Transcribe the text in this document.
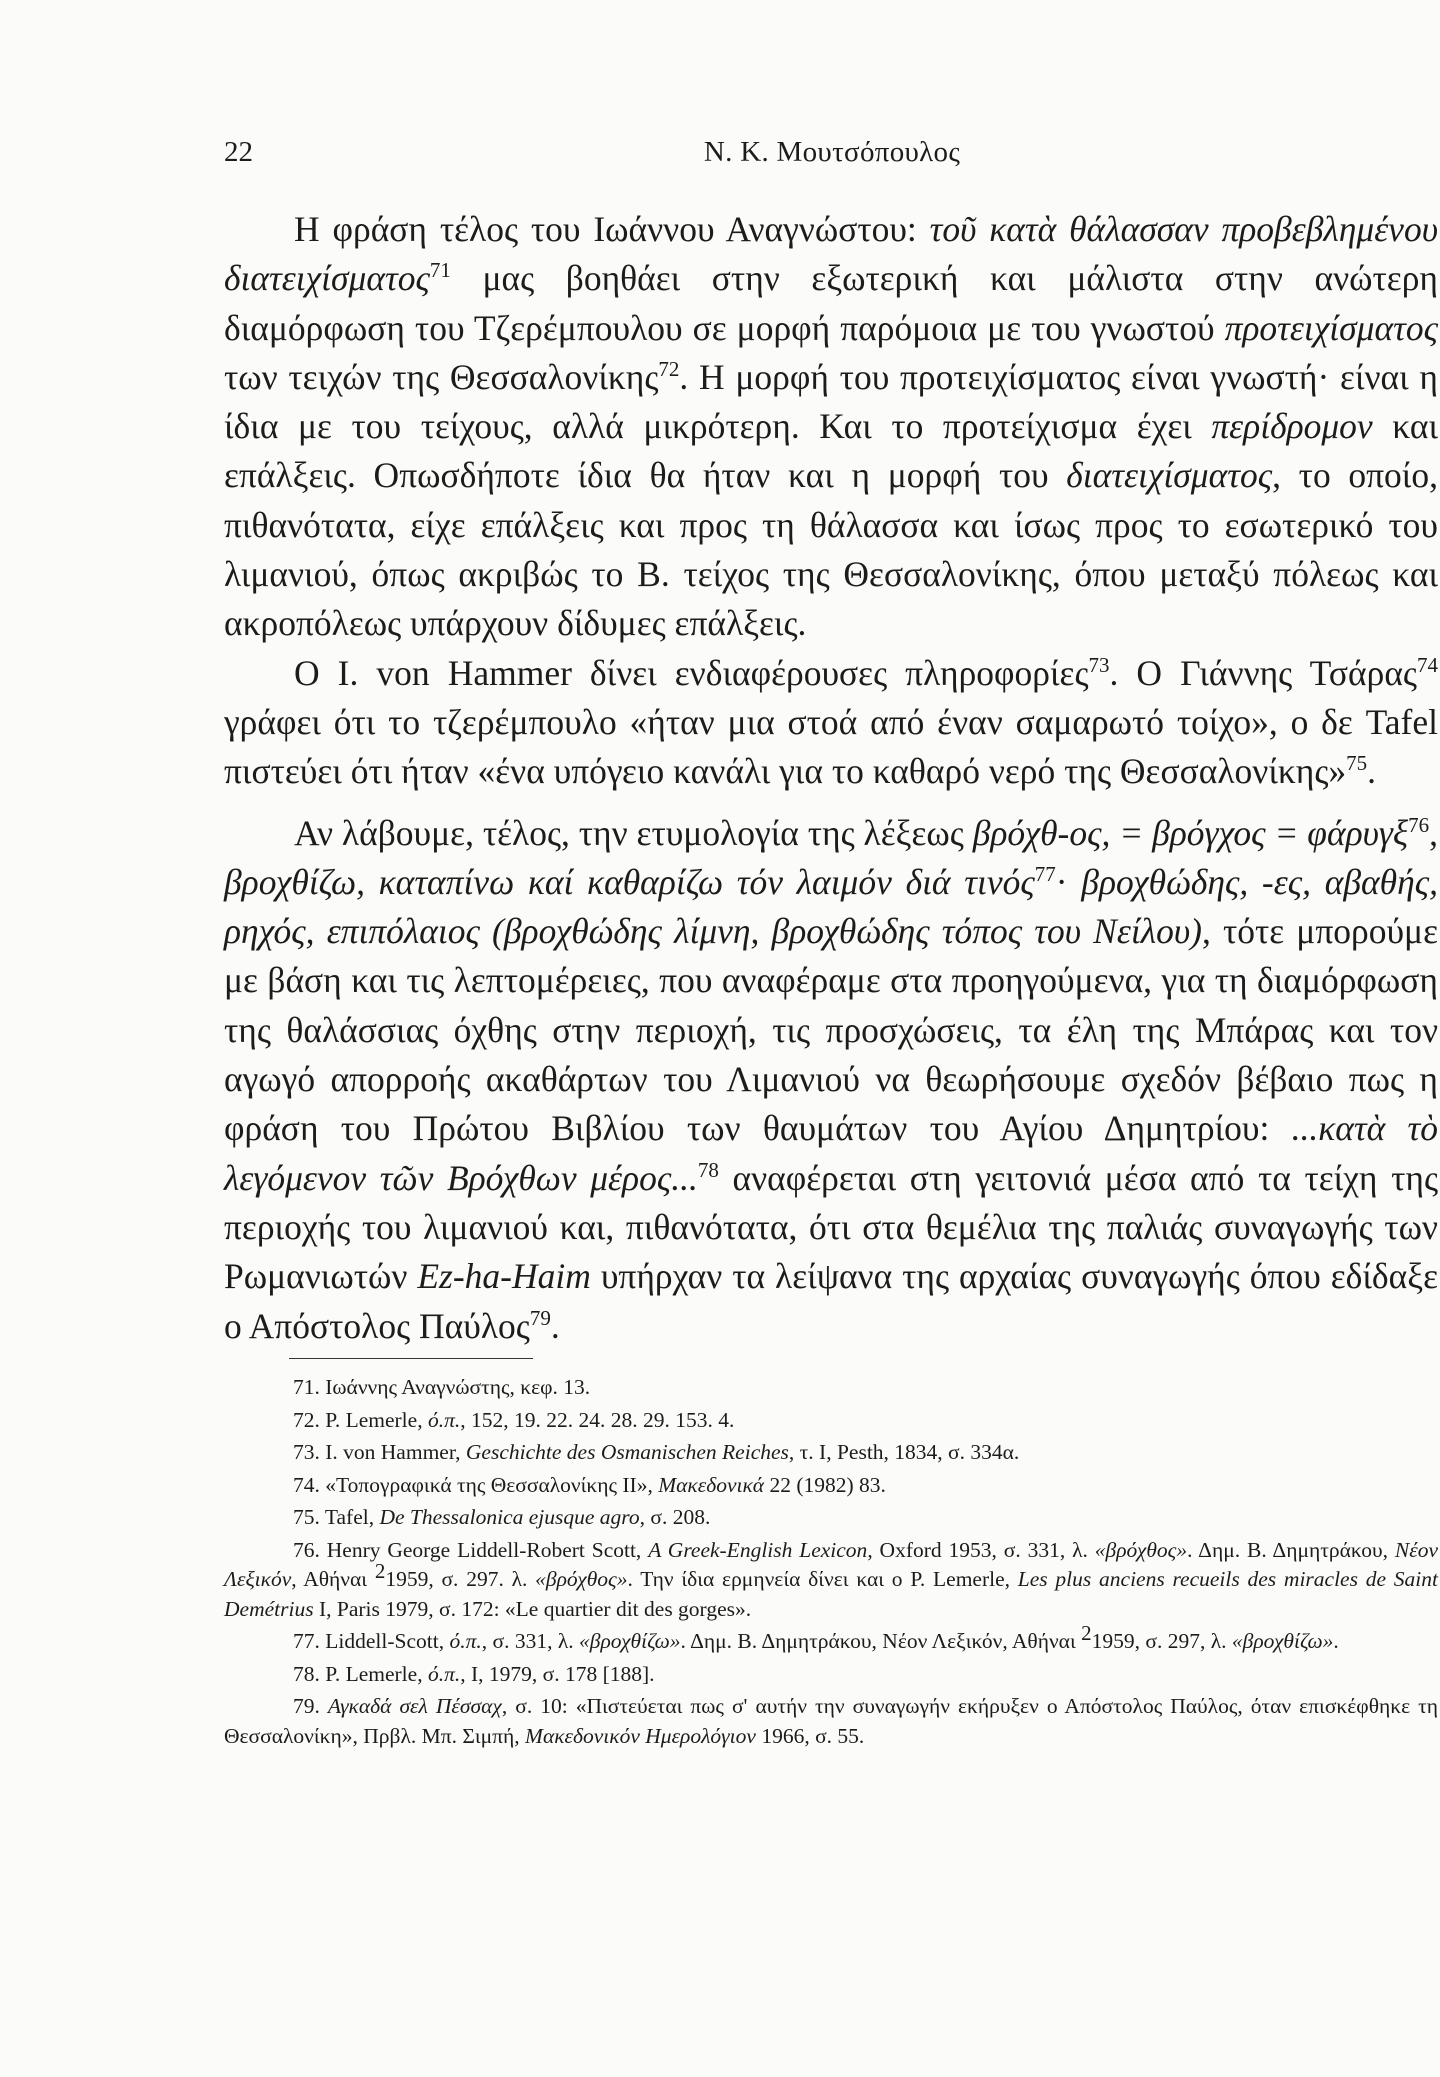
22	Ν. Κ. Μουτσόπουλος

Η φράση τέλος του Ιωάννου Αναγνώστου: τοῦ κατὰ θάλασσαν προβεβλημένου διατειχίσματος$^{71}$ μας βοηθάει στην εξωτερική και μάλιστα στην ανώτερη διαμόρφωση του Τζερέμπουλου σε μορφή παρόμοια με του γνωστού προτειχίσματος των τειχών της Θεσσαλονίκης$^{72}$. Η μορφή του προτειχίσματος είναι γνωστή· είναι η ίδια με του τείχους, αλλά μικρότερη. Και το προτείχισμα έχει περίδρομον και επάλξεις. Οπωσδήποτε ίδια θα ήταν και η μορφή του διατειχίσματος, το οποίο, πιθανότατα, είχε επάλξεις και προς τη θάλασσα και ίσως προς το εσωτερικό του λιμανιού, όπως ακριβώς το Β. τείχος της Θεσσαλονίκης, όπου μεταξύ πόλεως και ακροπόλεως υπάρχουν δίδυμες επάλξεις.

Ο Ι. von Hammer δίνει ενδιαφέρουσες πληροφορίες$^{73}$. Ο Γιάννης Τσάρας$^{74}$ γράφει ότι το τζερέμπουλο «ήταν μια στοά από έναν σαμαρωτό τοίχο», ο δε Tafel πιστεύει ότι ήταν «ένα υπόγειο κανάλι για το καθαρό νερό της Θεσσαλονίκης»$^{75}$.

Αν λάβουμε, τέλος, την ετυμολογία της λέξεως βρόχθ-ος, = βρόγχος = φάρυγξ$^{76}$, βροχθίζω, καταπίνω καί καθαρίζω τόν λαιμόν διά τινός$^{77}$· βροχθώδης, -ες, αβαθής, ρηχός, επιπόλαιος (βροχθώδης λίμνη, βροχθώδης τόπος του Νείλου), τότε μπορούμε με βάση και τις λεπτομέρειες, που αναφέραμε στα προηγούμενα, για τη διαμόρφωση της θαλάσσιας όχθης στην περιοχή, τις προσχώσεις, τα έλη της Μπάρας και τον αγωγό απορροής ακαθάρτων του Λιμανιού να θεωρήσουμε σχεδόν βέβαιο πως η φράση του Πρώτου Βιβλίου των θαυμάτων του Αγίου Δημητρίου: ...κατὰ τὸ λεγόμενον τῶν Βρόχθων μέρος...$^{78}$ αναφέρεται στη γειτονιά μέσα από τα τείχη της περιοχής του λιμανιού και, πιθανότατα, ότι στα θεμέλια της παλιάς συναγωγής των Ρωμανιωτών Ez-ha-Haim υπήρχαν τα λείψανα της αρχαίας συναγωγής όπου εδίδαξε ο Απόστολος Παύλος$^{79}$.

71. Ιωάννης Αναγνώστης, κεφ. 13.

72. P. Lemerle, ό.π., 152, 19. 22. 24. 28. 29. 153. 4.

73. I. von Hammer, Geschichte des Osmanischen Reiches, τ. I, Pesth, 1834, σ. 334α.

74. «Τοπογραφικά της Θεσσαλονίκης ΙΙ», Μακεδονικά 22 (1982) 83.

75. Tafel, De Thessalonica ejusque agro, σ. 208.

76. Henry George Liddell-Robert Scott, A Greek-English Lexicon, Oxford 1953, σ. 331, λ. «βρόχθος». Δημ. Β. Δημητράκου, Νέον Λεξικόν, Αθήναι $^2$1959, σ. 297. λ. «βρόχθος». Την ίδια ερμηνεία δίνει και ο P. Lemerle, Les plus anciens recueils des miracles de Saint Demétrius I, Paris 1979, σ. 172: «Le quartier dit des gorges».

77. Liddell-Scott, ό.π., σ. 331, λ. «βροχθίζω». Δημ. Β. Δημητράκου, Νέον Λεξικόν, Αθήναι $^2$1959, σ. 297, λ. «βροχθίζω».

78. P. Lemerle, ό.π., I, 1979, σ. 178 [188].

79. Αγκαδά σελ Πέσσαχ, σ. 10: «Πιστεύεται πως σ' αυτήν την συναγωγήν εκήρυξεν ο Απόστολος Παύλος, όταν επισκέφθηκε τη Θεσσαλονίκη», Πρβλ. Μπ. Σιμπή, Μακεδονικόν Ημερολόγιον 1966, σ. 55.
